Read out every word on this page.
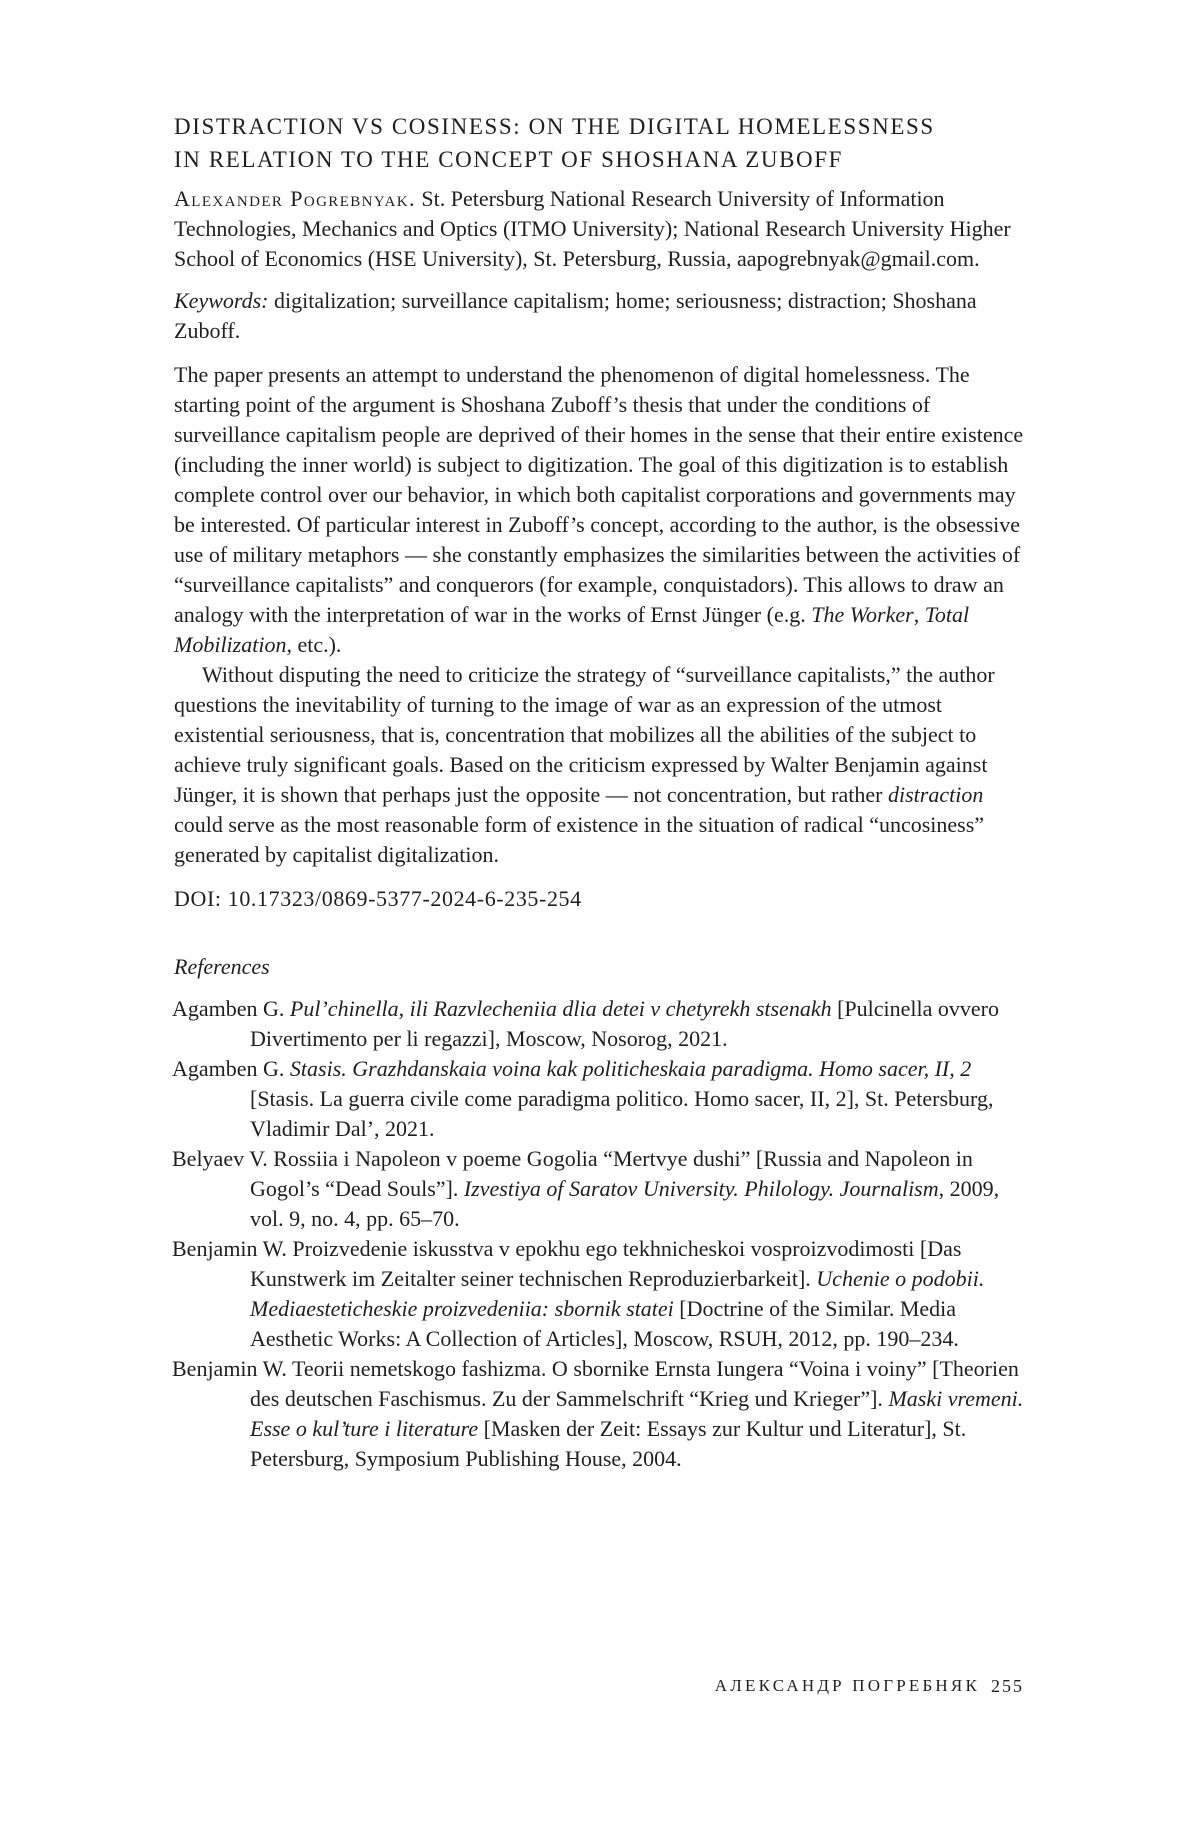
DISTRACTION VS COSINESS: ON THE DIGITAL HOMELESSNESS
IN RELATION TO THE CONCEPT OF SHOSHANA ZUBOFF
Alexander Pogrebnyak. St. Petersburg National Research University of Information Technologies, Mechanics and Optics (ITMO University); National Research University Higher School of Economics (HSE University), St. Petersburg, Russia, aapogrebnyak@gmail.com.
Keywords: digitalization; surveillance capitalism; home; seriousness; distraction; Shoshana Zuboff.

The paper presents an attempt to understand the phenomenon of digital homelessness. The starting point of the argument is Shoshana Zuboff’s thesis that under the conditions of surveillance capitalism people are deprived of their homes in the sense that their entire existence (including the inner world) is subject to digitization. The goal of this digitization is to establish complete control over our behavior, in which both capitalist corporations and governments may be interested. Of particular interest in Zuboff’s concept, according to the author, is the obsessive use of military metaphors — she constantly emphasizes the similarities between the activities of “surveillance capitalists” and conquerors (for example, conquistadors). This allows to draw an analogy with the interpretation of war in the works of Ernst Jünger (e.g. The Worker, Total Mobilization, etc.).

Without disputing the need to criticize the strategy of “surveillance capitalists,” the author questions the inevitability of turning to the image of war as an expression of the utmost existential seriousness, that is, concentration that mobilizes all the abilities of the subject to achieve truly significant goals. Based on the criticism expressed by Walter Benjamin against Jünger, it is shown that perhaps just the opposite — not concentration, but rather distraction could serve as the most reasonable form of existence in the situation of radical “uncosiness” generated by capitalist digitalization.

DOI: 10.17323/0869-5377-2024-6-235-254
References
Agamben G. Pul’chinella, ili Razvlecheniia dlia detei v chetyrekh stsenakh [Pulcinella ovvero Divertimento per li regazzi], Moscow, Nosorog, 2021.
Agamben G. Stasis. Grazhdanskaia voina kak politicheskaia paradigma. Homo sacer, II, 2 [Stasis. La guerra civile come paradigma politico. Homo sacer, II, 2], St. Petersburg, Vladimir Dal’, 2021.
Belyaev V. Rossiia i Napoleon v poeme Gogolia “Mertvye dushi” [Russia and Napoleon in Gogol’s “Dead Souls”]. Izvestiya of Saratov University. Philology. Journalism, 2009, vol. 9, no. 4, pp. 65–70.
Benjamin W. Proizvedenie iskusstva v epokhu ego tekhnicheskoi vosproizvodimosti [Das Kunstwerk im Zeitalter seiner technischen Reproduzierbarkeit]. Uchenie o podobii. Mediaesteticheskie proizvedeniia: sbornik statei [Doctrine of the Similar. Media Aesthetic Works: A Collection of Articles], Moscow, RSUH, 2012, pp. 190–234.
Benjamin W. Teorii nemetskogo fashizma. O sbornike Ernsta Iungera “Voina i voiny” [Theorien des deutschen Faschismus. Zu der Sammelschrift “Krieg und Krieger”]. Maski vremeni. Esse o kul’ture i literature [Masken der Zeit: Essays zur Kultur und Literatur], St. Petersburg, Symposium Publishing House, 2004.
АЛЕКСАНДР ПОГРЕБНЯК 255
